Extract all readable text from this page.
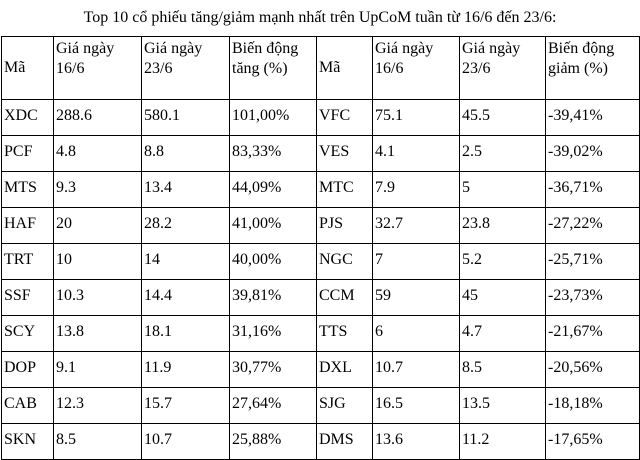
Top 10 cổ phiếu tăng/giảm mạnh nhất trên UpCoM tuần từ 16/6 đến 23/6:
Mã	Giá ngày 16/6	Giá ngày 23/6	Biến động tăng (%)	Mã	Giá ngày 16/6	Giá ngày 23/6	Biến động giảm (%)
XDC	288.6	580.1	101,00%	VFC	75.1	45.5	-39,41%
PCF	4.8	8.8	83,33%	VES	4.1	2.5	-39,02%
MTS	9.3	13.4	44,09%	MTC	7.9	5	-36,71%
HAF	20	28.2	41,00%	PJS	32.7	23.8	-27,22%
TRT	10	14	40,00%	NGC	7	5.2	-25,71%
SSF	10.3	14.4	39,81%	CCM	59	45	-23,73%
SCY	13.8	18.1	31,16%	TTS	6	4.7	-21,67%
DOP	9.1	11.9	30,77%	DXL	10.7	8.5	-20,56%
CAB	12.3	15.7	27,64%	SJG	16.5	13.5	-18,18%
SKN	8.5	10.7	25,88%	DMS	13.6	11.2	-17,65%
